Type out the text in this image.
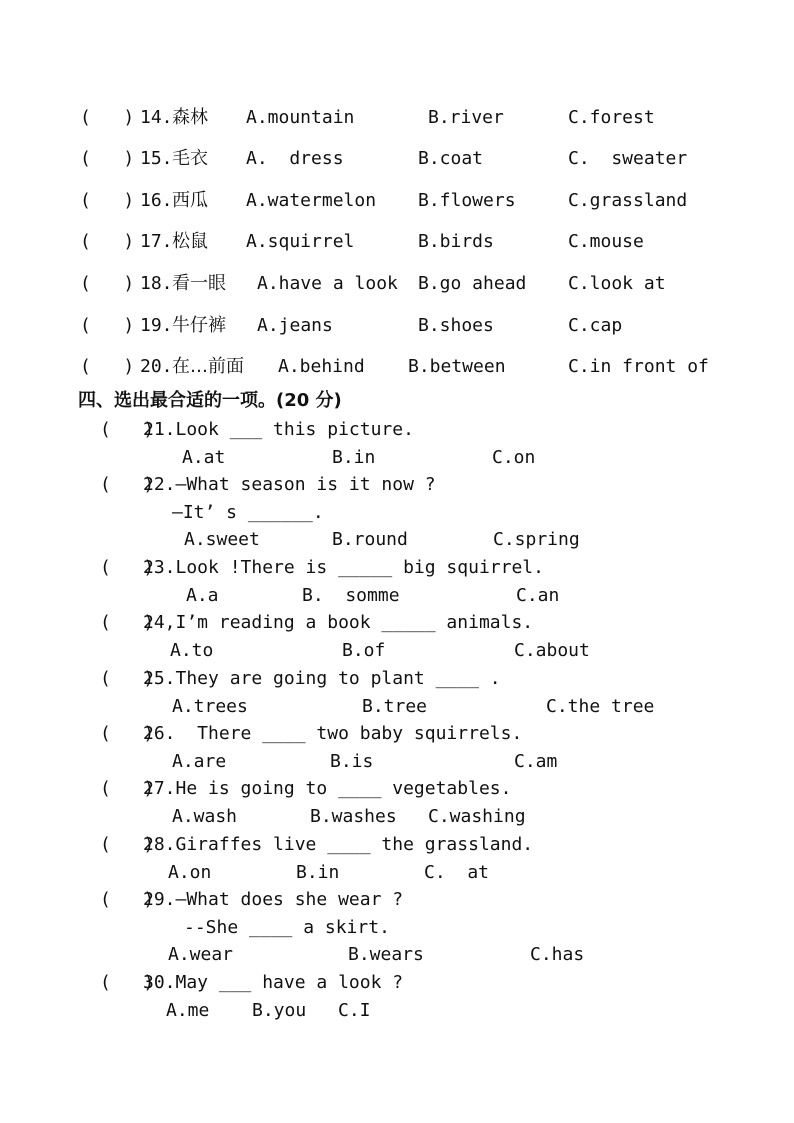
(   ) 14. 森林 A.mountain	B.river	C.forest
(   ) 15. 毛衣 A.  dress	B.coat	C.  sweater
(   ) 16. 西瓜 A.watermelon B.flowers	C.grassland
(   ) 17. 松鼠 A.squirrel	B.birds	C.mouse
(   ) 18. 看一眼 A.have a look B.go ahead C.look at
(   ) 19. 牛仔裤 A.jeans	B.shoes	C.cap
(   ) 20. 在…前面 A.behind B.between	C.in front of
四、选出最合适的一项。(20 分)
(   )
21.Look ___ this picture.
A.at	B.in	C.on
(   )
22.—What season is it now ?
—It’ s ______.
A.sweet	B.round	C.spring
(   )
23.Look !There is _____ big squirrel.
A.a	B.  somme	C.an
(   )
24,I’m reading a book _____ animals.
A.to	B.of	C.about
(   )
25.They are going to plant ____ .
A.trees	B.tree	C.the tree
(   )
26.  There ____ two baby squirrels.
A.are	B.is	C.am
(   )
27.He is going to ____ vegetables.
A.wash	B.washes C.washing
(   )
28.Giraffes live ____ the grassland.
A.on	B.in	C.  at
(   )
29.—What does she wear ?
--She ____ a skirt.
A.wear	B.wears	C.has
(   )
30.May ___ have a look ?
A.me B.you C.I
